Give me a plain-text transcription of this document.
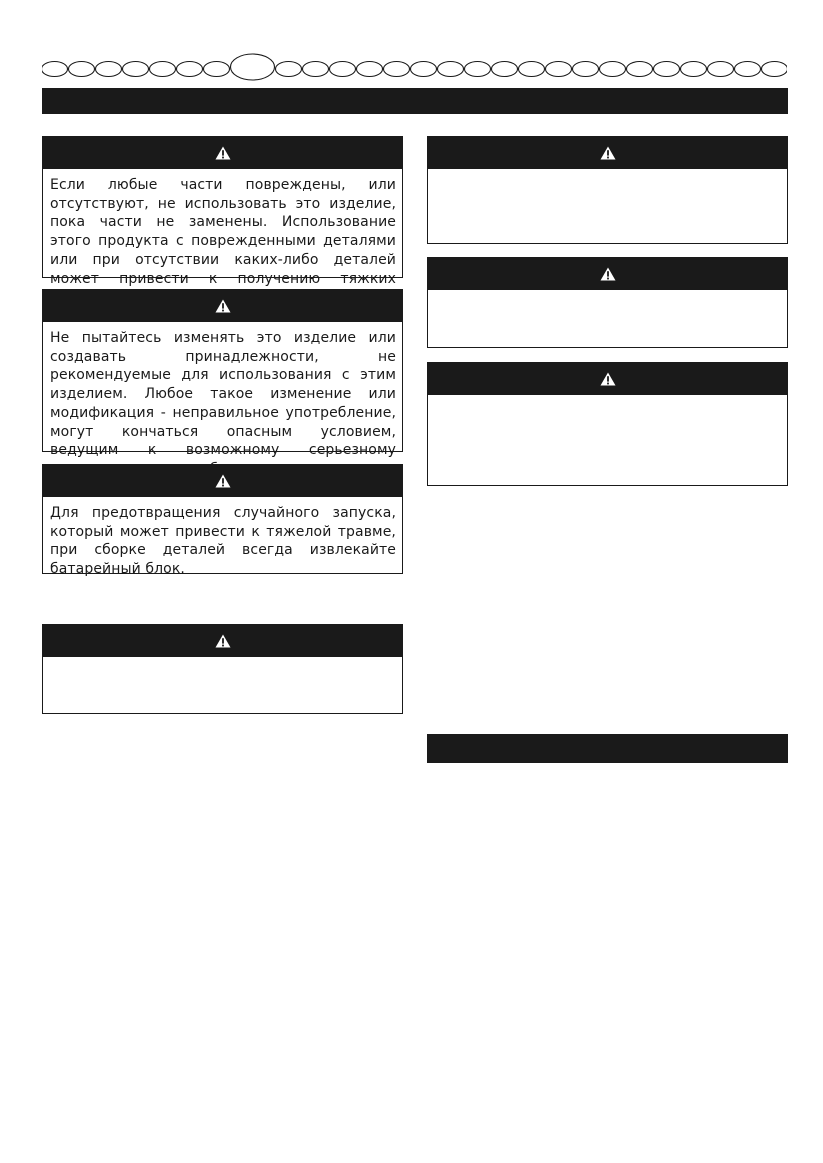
Если любые части повреждены, или отсутствуют, не использовать это изделие, пока части не заменены. Использование этого продукта с поврежденными деталями или при отсутствии каких-либо деталей может привести к получению тяжких
Не пытайтесь изменять это изделие или создавать принадлежности, не рекомендуемые для использования с этим изделием. Любое такое изменение или модификация - неправильное употребление, могут кончаться опасным условием, ведущим к возможному серьезному
Для предотвращения случайного запуска, который может привести к тяжелой травме, при сборке деталей всегда извлекайте батарейный блок.
